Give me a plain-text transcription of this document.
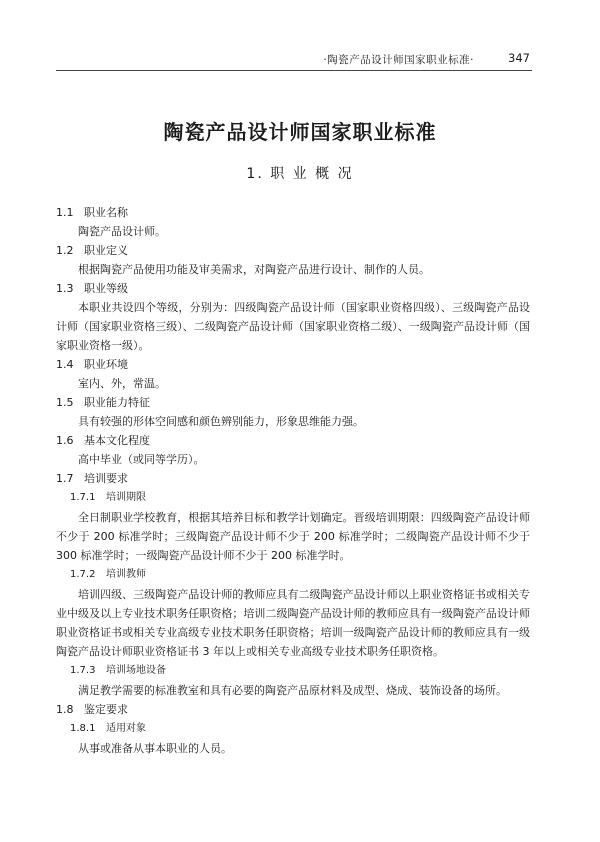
·陶瓷产品设计师国家职业标准·	347
陶瓷产品设计师国家职业标准
1. 职 业 概 况
1.1 职业名称
陶瓷产品设计师。
1.2 职业定义
根据陶瓷产品使用功能及审美需求，对陶瓷产品进行设计、制作的人员。
1.3 职业等级
本职业共设四个等级，分别为：四级陶瓷产品设计师（国家职业资格四级）、三级陶瓷产品设计师（国家职业资格三级）、二级陶瓷产品设计师（国家职业资格二级）、一级陶瓷产品设计师（国家职业资格一级）。
1.4 职业环境
室内、外，常温。
1.5 职业能力特征
具有较强的形体空间感和颜色辨别能力，形象思维能力强。
1.6 基本文化程度
高中毕业（或同等学历）。
1.7 培训要求
1.7.1 培训期限
全日制职业学校教育，根据其培养目标和教学计划确定。晋级培训期限：四级陶瓷产品设计师不少于 200 标准学时；三级陶瓷产品设计师不少于 200 标准学时；二级陶瓷产品设计师不少于 300 标准学时；一级陶瓷产品设计师不少于 200 标准学时。
1.7.2 培训教师
培训四级、三级陶瓷产品设计师的教师应具有二级陶瓷产品设计师以上职业资格证书或相关专业中级及以上专业技术职务任职资格；培训二级陶瓷产品设计师的教师应具有一级陶瓷产品设计师职业资格证书或相关专业高级专业技术职务任职资格；培训一级陶瓷产品设计师的教师应具有一级陶瓷产品设计师职业资格证书 3 年以上或相关专业高级专业技术职务任职资格。
1.7.3 培训场地设备
满足教学需要的标准教室和具有必要的陶瓷产品原材料及成型、烧成、装饰设备的场所。
1.8 鉴定要求
1.8.1 适用对象
从事或准备从事本职业的人员。
